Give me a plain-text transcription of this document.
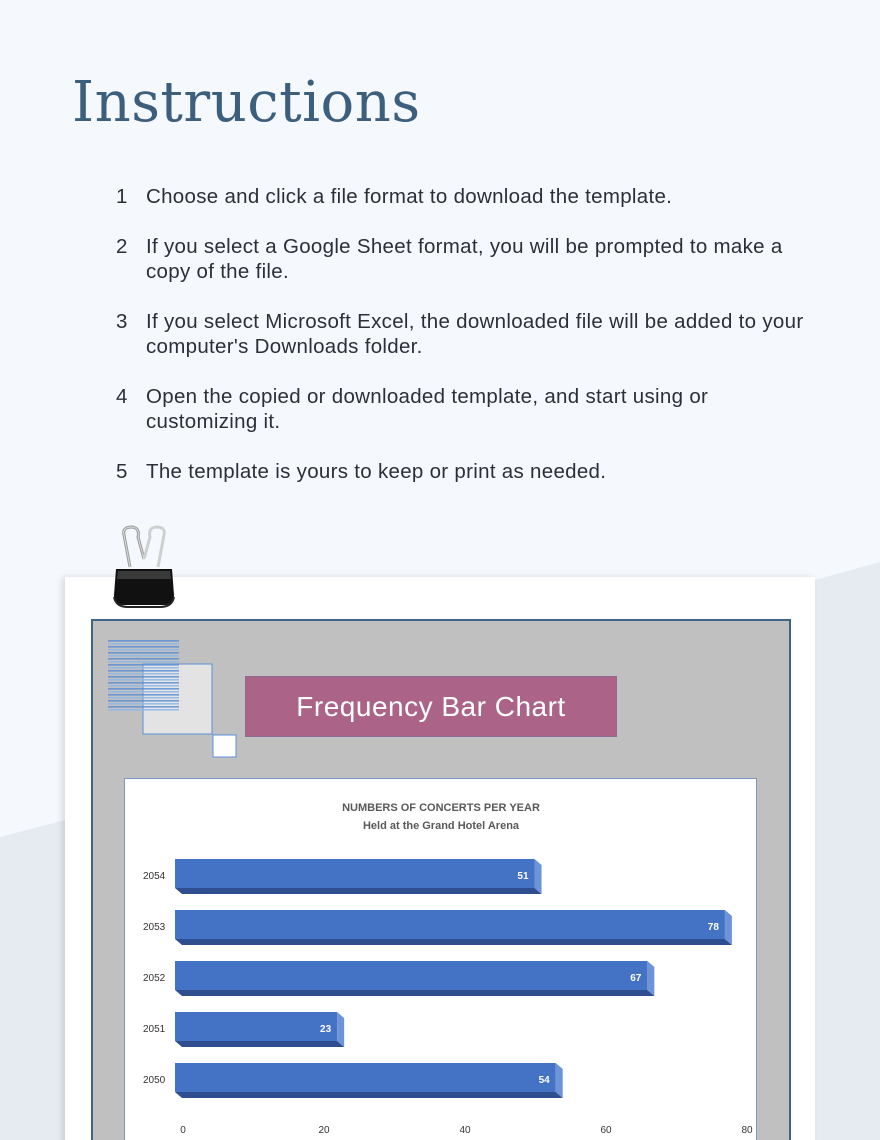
Instructions
1 Choose and click a file format to download the template.
2 If you select a Google Sheet format, you will be prompted to make a copy of the file.
3 If you select Microsoft Excel, the downloaded file will be added to your computer's Downloads folder.
4 Open the copied or downloaded template, and start using or customizing it.
5 The template is yours to keep or print as needed.
Frequency Bar Chart
NUMBERS OF CONCERTS PER YEAR
Held at the Grand Hotel Arena
51
2054
78
2053
67
2052
23
2051
54
2050
0	20	40	60	80
